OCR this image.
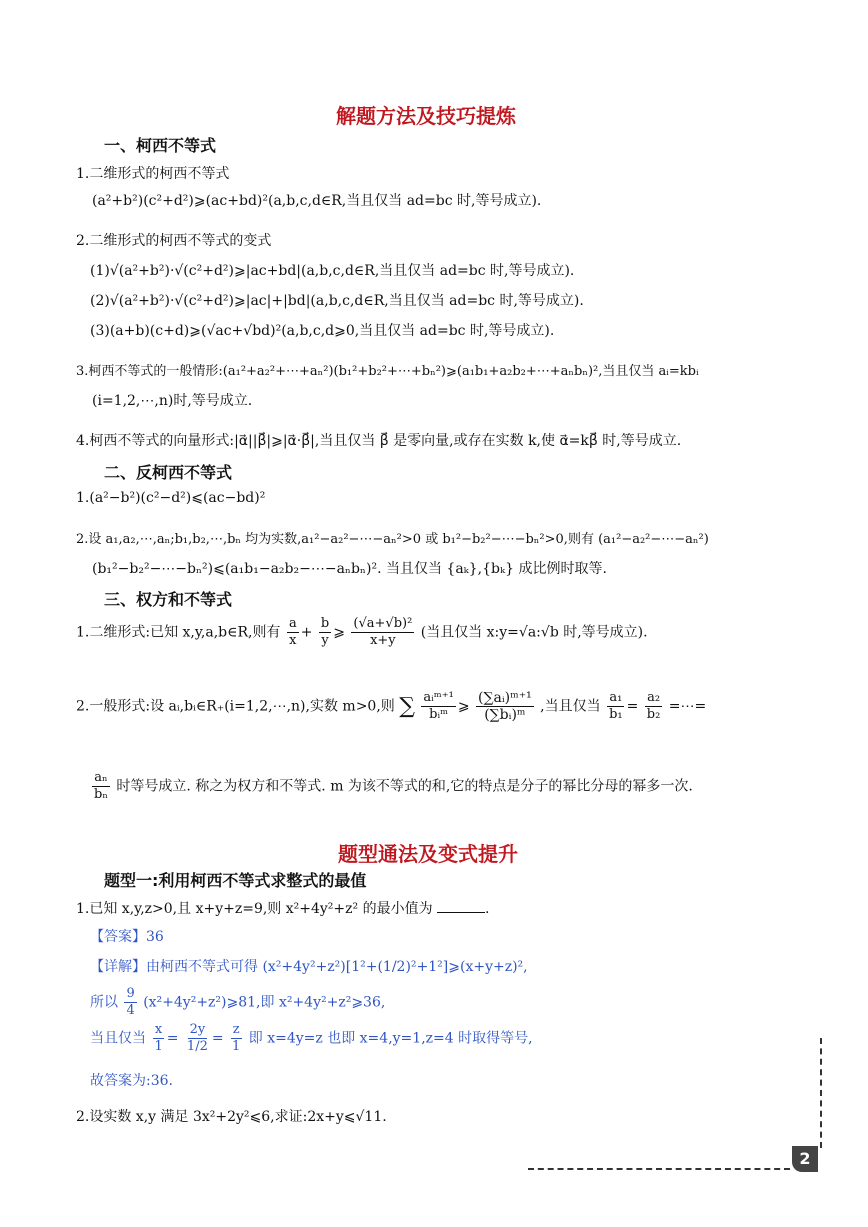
解题方法及技巧提炼
一、柯西不等式
1.二维形式的柯西不等式
(a²+b²)(c²+d²)⩾(ac+bd)²(a,b,c,d∈R,当且仅当 ad=bc 时,等号成立).
2.二维形式的柯西不等式的变式
(1)√(a²+b²)·√(c²+d²)⩾|ac+bd|(a,b,c,d∈R,当且仅当 ad=bc 时,等号成立).
(2)√(a²+b²)·√(c²+d²)⩾|ac|+|bd|(a,b,c,d∈R,当且仅当 ad=bc 时,等号成立).
(3)(a+b)(c+d)⩾(√ac+√bd)²(a,b,c,d⩾0,当且仅当 ad=bc 时,等号成立).
3.柯西不等式的一般情形:(a₁²+a₂²+⋯+aₙ²)(b₁²+b₂²+⋯+bₙ²)⩾(a₁b₁+a₂b₂+⋯+aₙbₙ)²,当且仅当 aᵢ=kbᵢ
(i=1,2,⋯,n)时,等号成立.
4.柯西不等式的向量形式:|α⃗||β⃗|⩾|α⃗·β⃗|,当且仅当 β⃗ 是零向量,或存在实数 k,使 α⃗=kβ⃗ 时,等号成立.
二、反柯西不等式
1.(a²−b²)(c²−d²)⩽(ac−bd)²
2.设 a₁,a₂,⋯,aₙ;b₁,b₂,⋯,bₙ 均为实数,a₁²−a₂²−⋯−aₙ²>0 或 b₁²−b₂²−⋯−bₙ²>0,则有 (a₁²−a₂²−⋯−aₙ²)
(b₁²−b₂²−⋯−bₙ²)⩽(a₁b₁−a₂b₂−⋯−aₙbₙ)². 当且仅当 {aₖ},{bₖ} 成比例时取等.
三、权方和不等式
1.二维形式:已知 x,y,a,b∈R,则有 $\frac{a}{x} + \frac{b}{y}$ ⩾ $\frac{\text{(√a+√b)²}}{x+y}$ (当且仅当 x:y=√a:√b 时,等号成立).
2.一般形式:设 aᵢ,bᵢ∈R₊(i=1,2,⋯,n),实数 m>0,则 ∑ $\frac{\text{aᵢᵐ⁺¹}}{\text{bᵢᵐ}}$ ⩾ $\frac{\text{(∑aᵢ)ᵐ⁺¹}}{\text{(∑bᵢ)ᵐ}}$ ,当且仅当 $\frac{\text{a₁}}{\text{b₁}} = \frac{\text{a₂}}{\text{b₂}}$ =⋯=
$\frac{\text{aₙ}}{\text{bₙ}}$ 时等号成立. 称之为权方和不等式. m 为该不等式的和,它的特点是分子的幂比分母的幂多一次.
题型通法及变式提升
题型一:利用柯西不等式求整式的最值
1.已知 x,y,z>0,且 x+y+z=9,则 x²+4y²+z² 的最小值为	.
【答案】36
【详解】由柯西不等式可得 (x²+4y²+z²)[1²+(1/2)²+1²]⩾(x+y+z)²,
所以 $\frac{9}{4}$ (x²+4y²+z²)⩾81,即 x²+4y²+z²⩾36,
当且仅当 $\frac{x}{1} = \frac{2y}{1/2} = \frac{z}{1}$ 即 x=4y=z 也即 x=4,y=1,z=4 时取得等号,
故答案为:36.
2.设实数 x,y 满足 3x²+2y²⩽6,求证:2x+y⩽√11.
2
